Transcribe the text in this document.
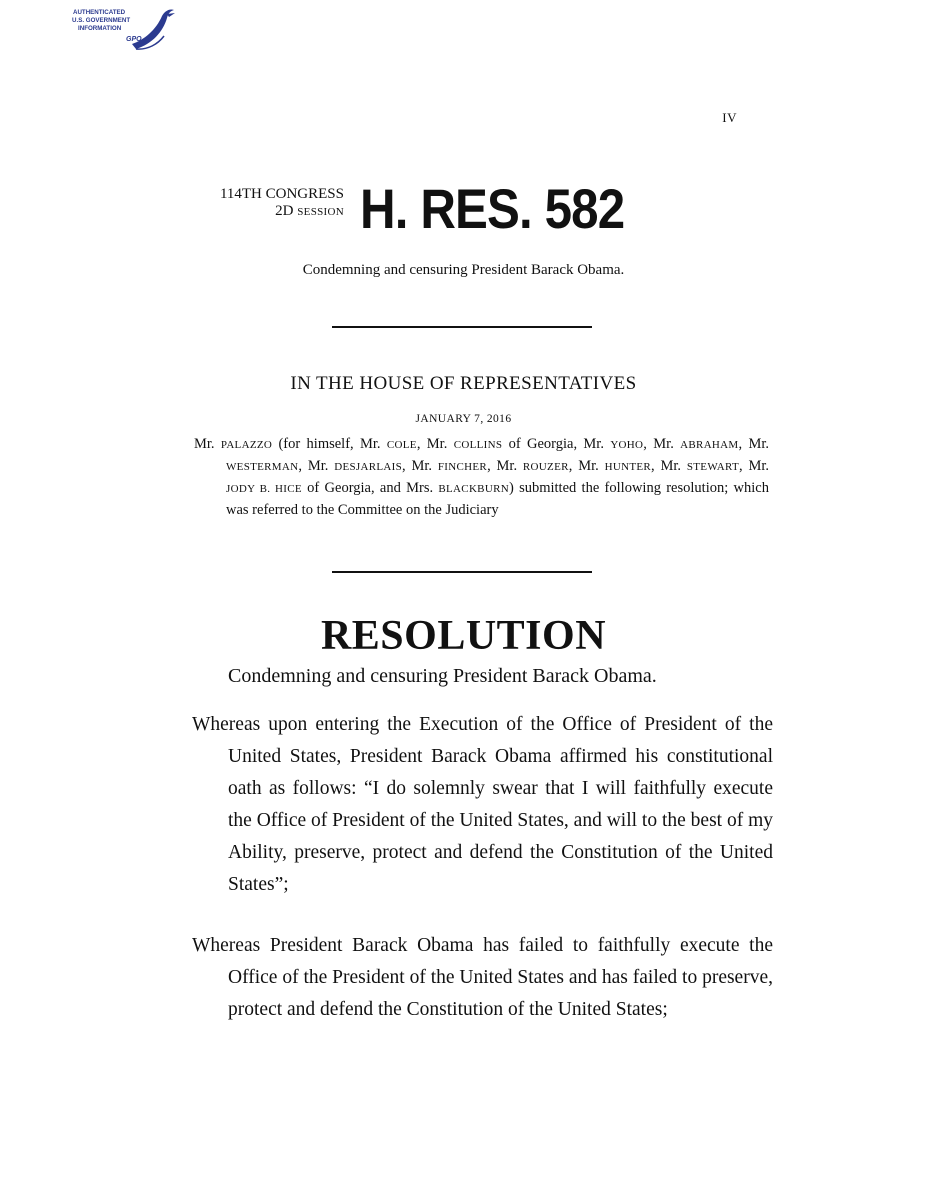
AUTHENTICATED
U.S. GOVERNMENT
INFORMATION
GPO
IV
114TH CONGRESS
2D SESSION H. RES. 582
Condemning and censuring President Barack Obama.
IN THE HOUSE OF REPRESENTATIVES
JANUARY 7, 2016

Mr. PALAZZO (for himself, Mr. COLE, Mr. COLLINS of Georgia, Mr. YOHO, Mr. ABRAHAM, Mr. WESTERMAN, Mr. DESJARLAIS, Mr. FINCHER, Mr. ROUZER, Mr. HUNTER, Mr. STEWART, Mr. JODY B. HICE of Georgia, and Mrs. BLACKBURN) submitted the following resolution; which was referred to the Committee on the Judiciary

RESOLUTION
Condemning and censuring President Barack Obama.

Whereas upon entering the Execution of the Office of President of the United States, President Barack Obama affirmed his constitutional oath as follows: “I do solemnly swear that I will faithfully execute the Office of President of the United States, and will to the best of my Ability, preserve, protect and defend the Constitution of the United States”;

Whereas President Barack Obama has failed to faithfully execute the Office of the President of the United States and has failed to preserve, protect and defend the Constitution of the United States;
